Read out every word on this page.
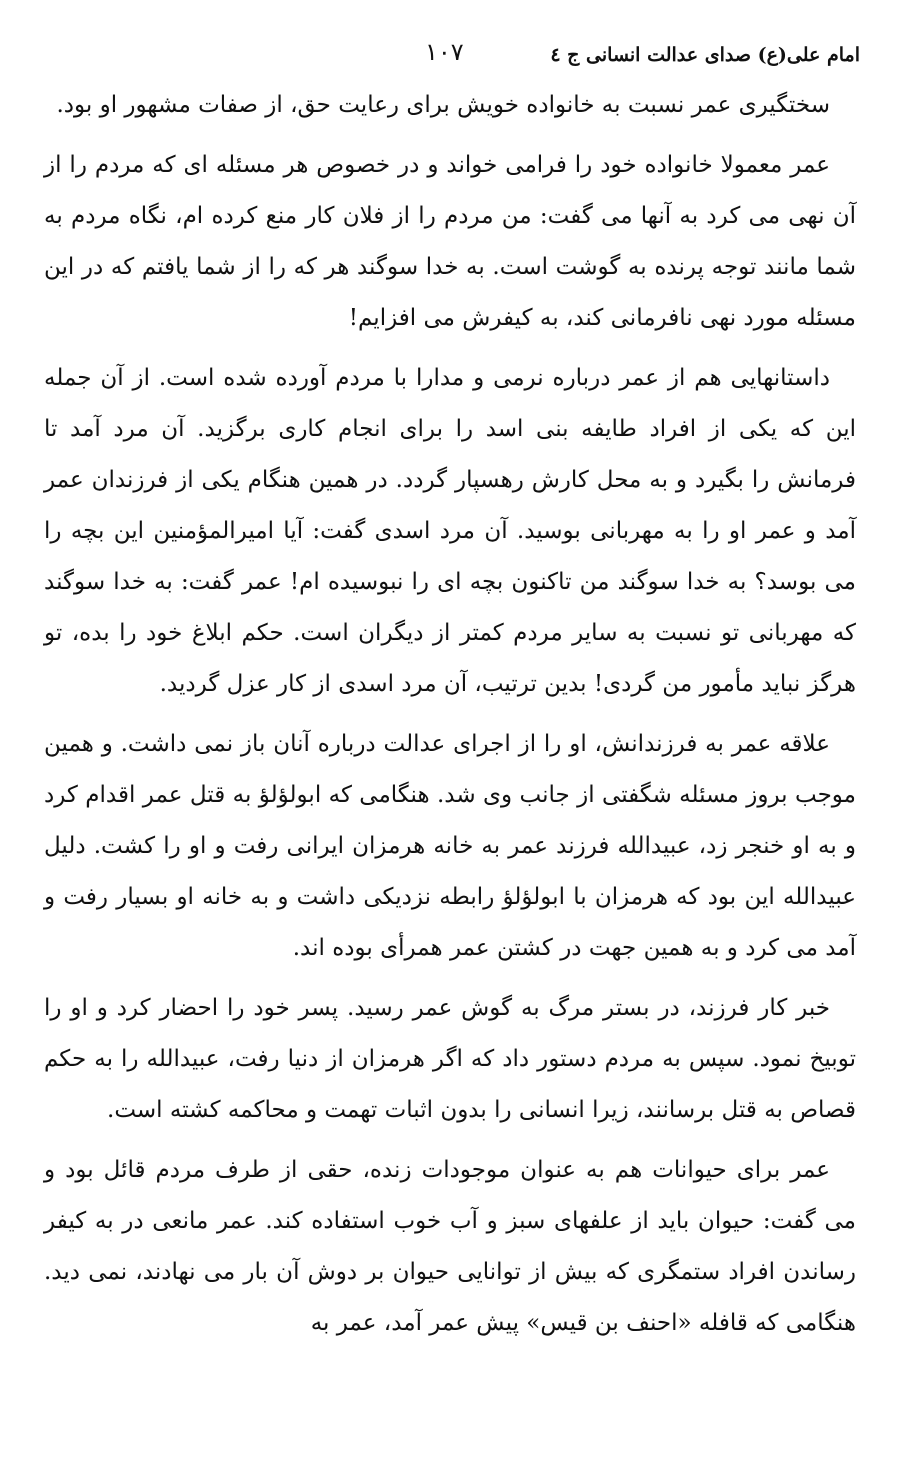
امام علی(ع) صدای عدالت انسانی ج ٤
١٠٧

سختگیری عمر نسبت به خانواده خویش برای رعایت حق، از صفات مشهور او بود.

عمر معمولا خانواده خود را فرامی خواند و در خصوص هر مسئله ای که مردم را از آن نهی می کرد به آنها می گفت: من مردم را از فلان کار منع کرده ام، نگاه مردم به شما مانند توجه پرنده به گوشت است. به خدا سوگند هر که را از شما یافتم که در این مسئله مورد نهی نافرمانی کند، به کیفرش می افزایم!

داستانهایی هم از عمر درباره نرمی و مدارا با مردم آورده شده است. از آن جمله این که یکی از افراد طایفه بنی اسد را برای انجام کاری برگزید. آن مرد آمد تا فرمانش را بگیرد و به محل کارش رهسپار گردد. در همین هنگام یکی از فرزندان عمر آمد و عمر او را به مهربانی بوسید. آن مرد اسدی گفت: آیا امیرالمؤمنین این بچه را می بوسد؟ به خدا سوگند من تاکنون بچه ای را نبوسیده ام! عمر گفت: به خدا سوگند که مهربانی تو نسبت به سایر مردم کمتر از دیگران است. حکم ابلاغ خود را بده، تو هرگز نباید مأمور من گردی! بدین ترتیب، آن مرد اسدی از کار عزل گردید.

علاقه عمر به فرزندانش، او را از اجرای عدالت درباره آنان باز نمی داشت. و همین موجب بروز مسئله شگفتی از جانب وی شد. هنگامی که ابولؤلؤ به قتل عمر اقدام کرد و به او خنجر زد، عبیدالله فرزند عمر به خانه هرمزان ایرانی رفت و او را کشت. دلیل عبیدالله این بود که هرمزان با ابولؤلؤ رابطه نزدیکی داشت و به خانه او بسیار رفت و آمد می کرد و به همین جهت در کشتن عمر همرأی بوده اند.

خبر کار فرزند، در بستر مرگ به گوش عمر رسید. پسر خود را احضار کرد و او را توبیخ نمود. سپس به مردم دستور داد که اگر هرمزان از دنیا رفت، عبیدالله را به حکم قصاص به قتل برسانند، زیرا انسانی را بدون اثبات تهمت و محاکمه کشته است.

عمر برای حیوانات هم به عنوان موجودات زنده، حقی از طرف مردم قائل بود و می گفت: حیوان باید از علفهای سبز و آب خوب استفاده کند. عمر مانعی در به کیفر رساندن افراد ستمگری که بیش از توانایی حیوان بر دوش آن بار می نهادند، نمی دید. هنگامی که قافله «احنف بن قیس» پیش عمر آمد، عمر به
